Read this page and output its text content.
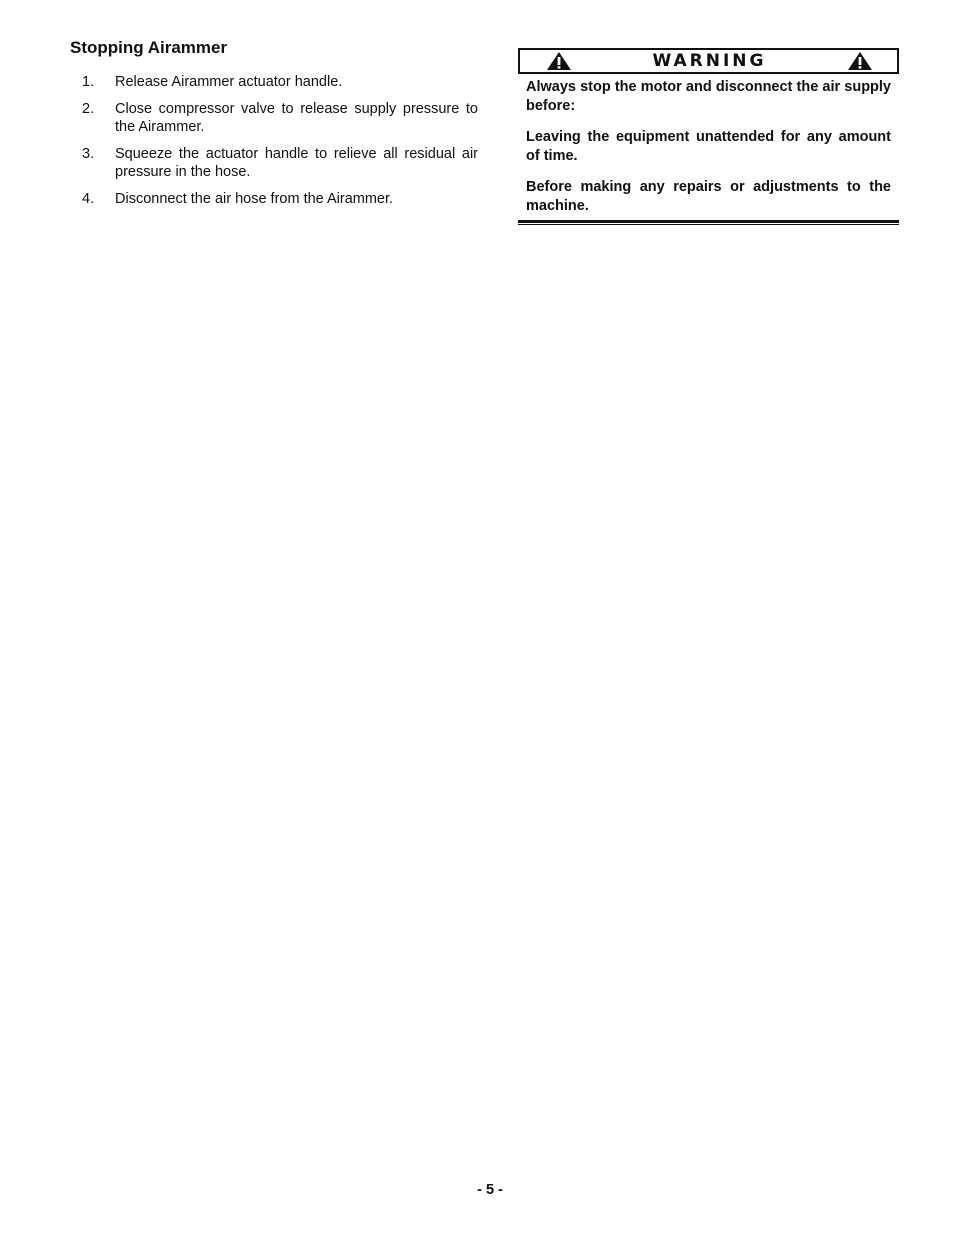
Stopping Airammer
1.	Release Airammer actuator handle.
2.	Close compressor valve to release supply pressure to the Airammer.
3.	Squeeze the actuator handle to relieve all residual air pressure in the hose.
4.	Disconnect the air hose from the Airammer.
WARNING

Always stop the motor and disconnect the air supply before:

Leaving the equipment unattended for any amount of time.

Before making any repairs or adjustments to the machine.

- 5 -
